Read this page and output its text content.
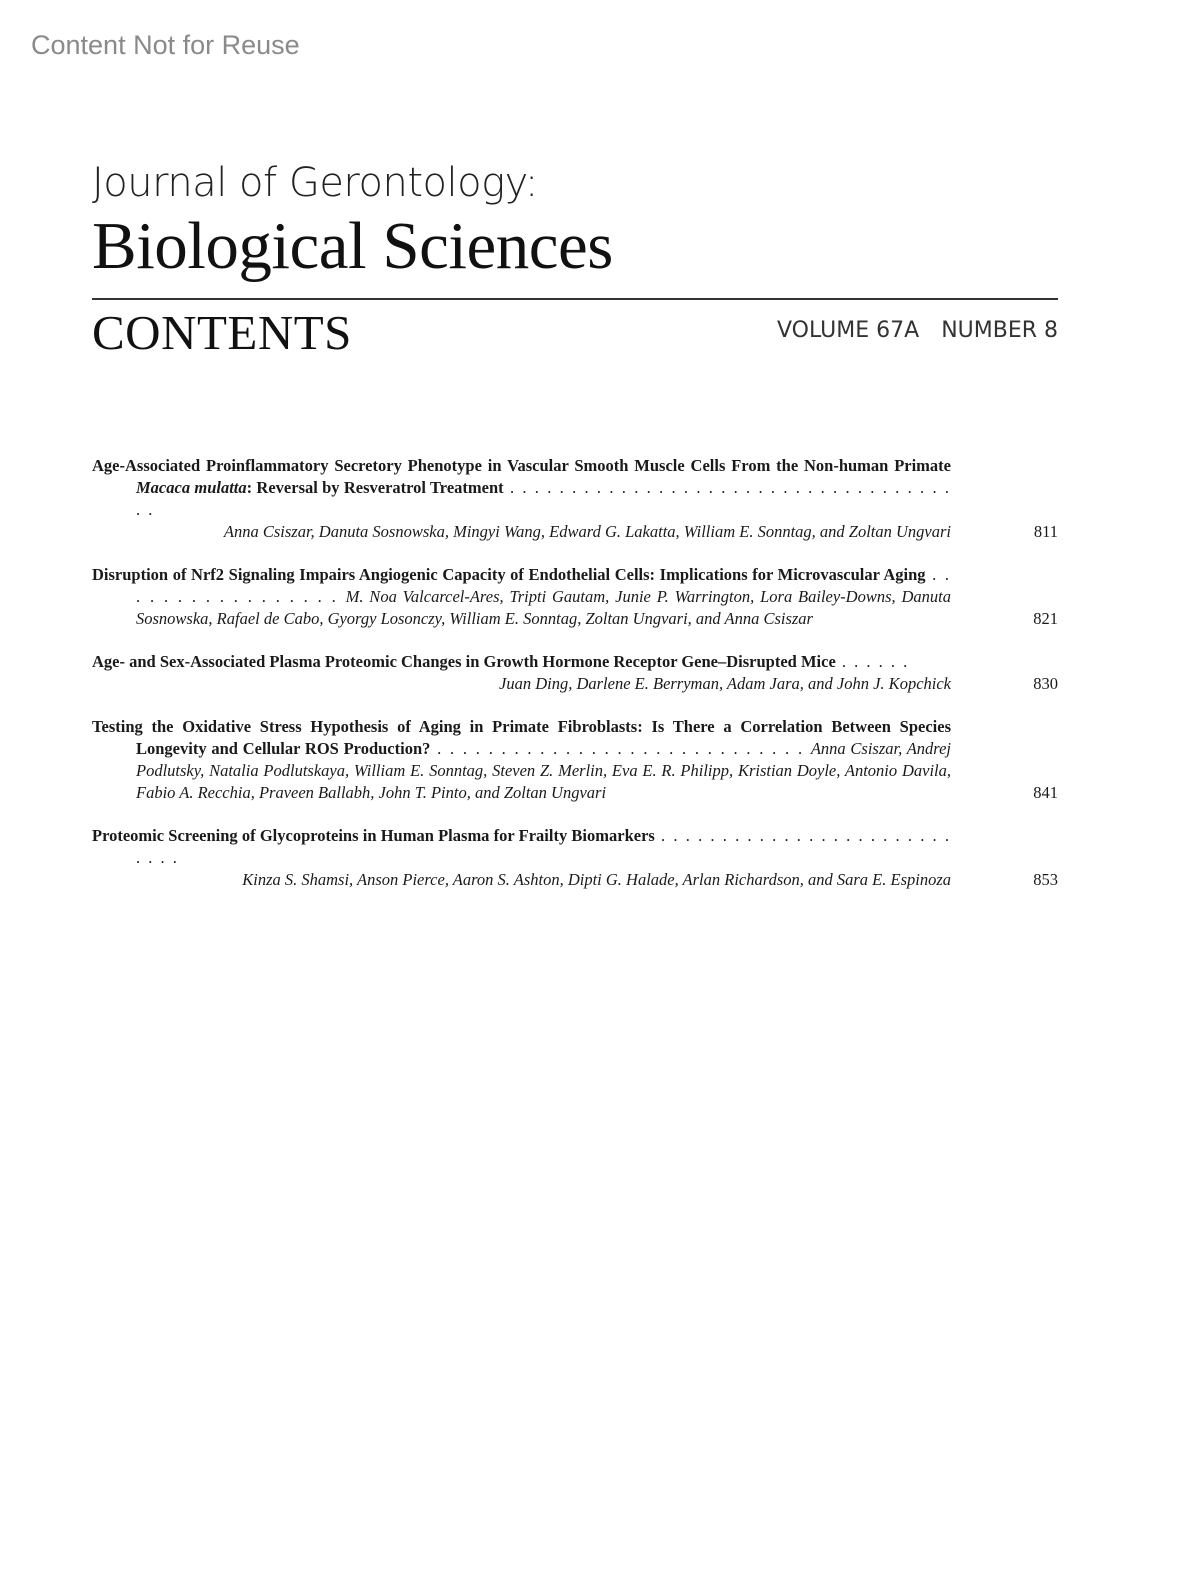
Content Not for Reuse
Journal of Gerontology:
Biological Sciences
CONTENTS	VOLUME 67A NUMBER 8
Age-Associated Proinflammatory Secretory Phenotype in Vascular Smooth Muscle Cells From the Non-human Primate Macaca mulatta: Reversal by Resveratrol Treatment . . . . . . . . . . . . . . . . . . . . . . . . . . . . . . . . . . . . . .
Anna Csiszar, Danuta Sosnowska, Mingyi Wang, Edward G. Lakatta, William E. Sonntag, and Zoltan Ungvari	811
Disruption of Nrf2 Signaling Impairs Angiogenic Capacity of Endothelial Cells: Implications for Microvascular Aging . . . . . . . . . . . . . . . . . M. Noa Valcarcel-Ares, Tripti Gautam, Junie P. Warrington, Lora Bailey-Downs, Danuta Sosnowska, Rafael de Cabo, Gyorgy Losonczy, William E. Sonntag, Zoltan Ungvari, and Anna Csiszar	821
Age- and Sex-Associated Plasma Proteomic Changes in Growth Hormone Receptor Gene–Disrupted Mice . . . . . .
Juan Ding, Darlene E. Berryman, Adam Jara, and John J. Kopchick	830
Testing the Oxidative Stress Hypothesis of Aging in Primate Fibroblasts: Is There a Correlation Between Species Longevity and Cellular ROS Production? . . . . . . . . . . . . . . . . . . . . . . . . . . . . . Anna Csiszar, Andrej Podlutsky, Natalia Podlutskaya, William E. Sonntag, Steven Z. Merlin, Eva E. R. Philipp, Kristian Doyle, Antonio Davila, Fabio A. Recchia, Praveen Ballabh, John T. Pinto, and Zoltan Ungvari	841
Proteomic Screening of Glycoproteins in Human Plasma for Frailty Biomarkers . . . . . . . . . . . . . . . . . . . . . . . . . . . .
Kinza S. Shamsi, Anson Pierce, Aaron S. Ashton, Dipti G. Halade, Arlan Richardson, and Sara E. Espinoza	853
